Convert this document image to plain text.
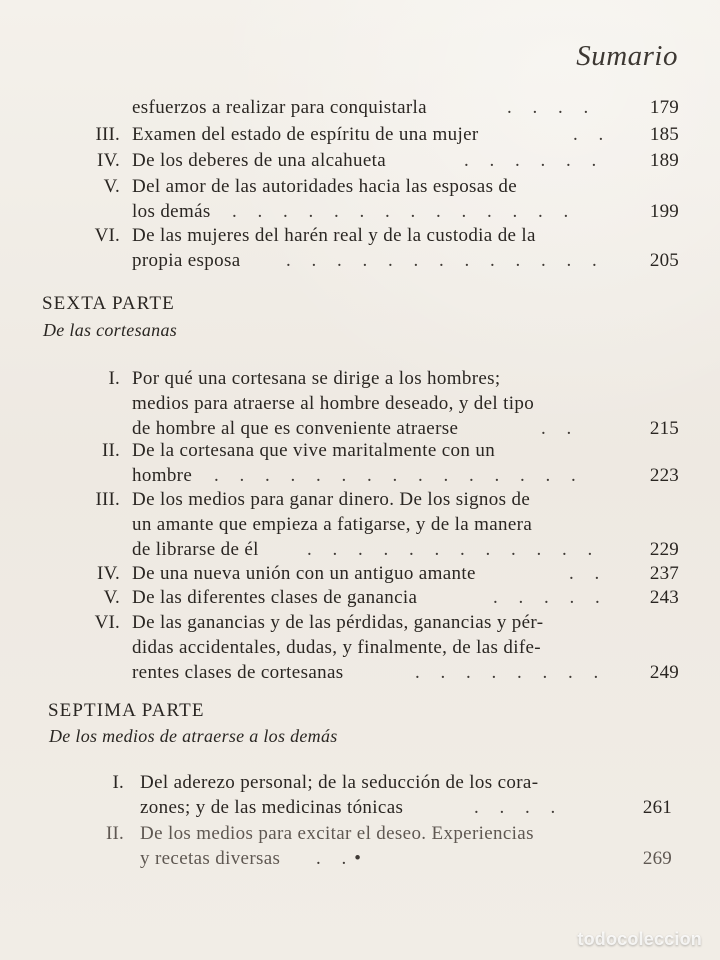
Sumario
esfuerzos a realizar para conquistarla	. . . .	179
III. Examen del estado de espíritu de una mujer	. .	185
IV. De los deberes de una alcahueta	. . . . . .	189
V. Del amor de las autoridades hacia las esposas de
los demás . . . . . . . . . . . . . .	199
VI. De las mujeres del harén real y de la custodia de la
propia esposa . . . . . . . . . . . . .	205
SEXTA PARTE
De las cortesanas
I. Por qué una cortesana se dirige a los hombres;
medios para atraerse al hombre deseado, y del tipo
de hombre al que es conveniente atraerse	. .	215
II. De la cortesana que vive maritalmente con un
hombre . . . . . . . . . . . . . . .	223
III. De los medios para ganar dinero. De los signos de
un amante que empieza a fatigarse, y de la manera
de librarse de él	. . . . . . . . . . . .	229
IV. De una nueva unión con un antiguo amante	. .	237
V. De las diferentes clases de ganancia	. . . . .	243
VI. De las ganancias y de las pérdidas, ganancias y pér-
didas accidentales, dudas, y finalmente, de las dife-
rentes clases de cortesanas	. . . . . . . .	249
SEPTIMA PARTE
De los medios de atraerse a los demás
I. Del aderezo personal; de la seducción de los cora-
zones; y de las medicinas tónicas	. . . .	261
II. De los medios para excitar el deseo. Experiencias
y recetas diversas . .•	269
todocoleccion
